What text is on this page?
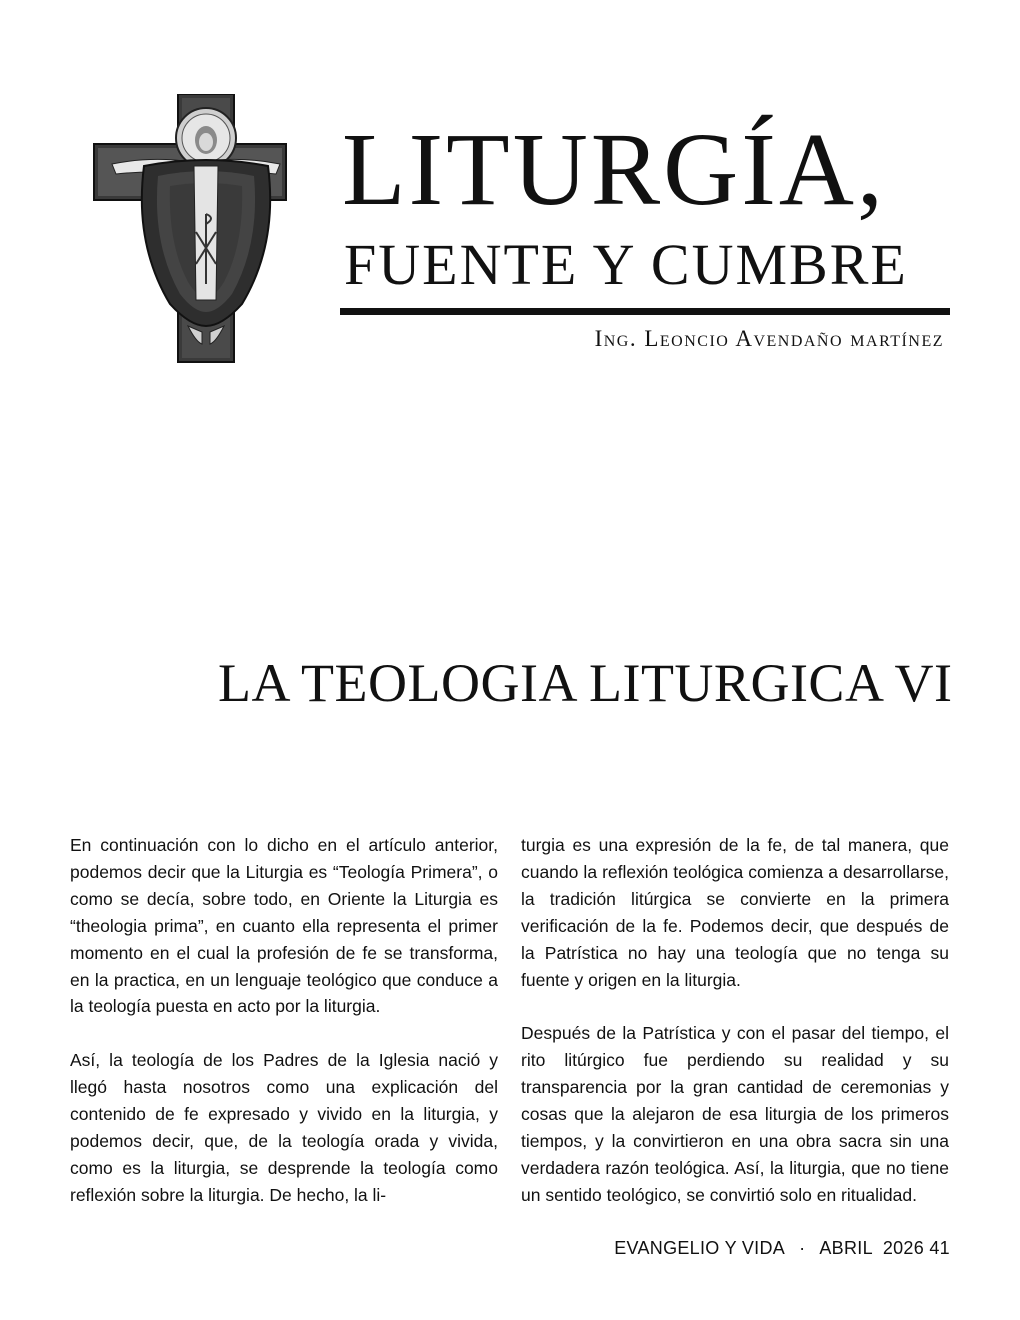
LITURGÍA,
FUENTE Y CUMBRE
Ing. Leoncio Avendaño martínez
LA TEOLOGIA LITURGICA VI

En continuación con lo dicho en el artículo anterior, podemos decir que la Liturgia es “Teología Primera”, o como se decía, sobre todo, en Oriente la Liturgia es “theologia prima”, en cuanto ella representa el primer momento en el cual la profesión de fe se transforma, en la practica, en un lenguaje teológico que conduce a la teología puesta en acto por la liturgia.

Así, la teología de los Padres de la Iglesia nació y llegó hasta nosotros como una explicación del contenido de fe expresado y vivido en la liturgia, y podemos decir, que, de la teología orada y vivida, como es la liturgia, se desprende la teología como reflexión sobre la liturgia. De hecho, la li-

turgia es una expresión de la fe, de tal manera, que cuando la reflexión teológica comienza a desarrollarse, la tradición litúrgica se convierte en la primera verificación de la fe. Podemos decir, que después de la Patrística no hay una teología que no tenga su fuente y origen en la liturgia.

Después de la Patrística y con el pasar del tiempo, el rito litúrgico fue perdiendo su realidad y su transparencia por la gran cantidad de ceremonias y cosas que la alejaron de esa liturgia de los primeros tiempos, y la convirtieron en una obra sacra sin una verdadera razón teológica. Así, la liturgia, que no tiene un sentido teológico, se convirtió solo en ritualidad.

EVANGELIO Y VIDA · ABRIL  2026 41
